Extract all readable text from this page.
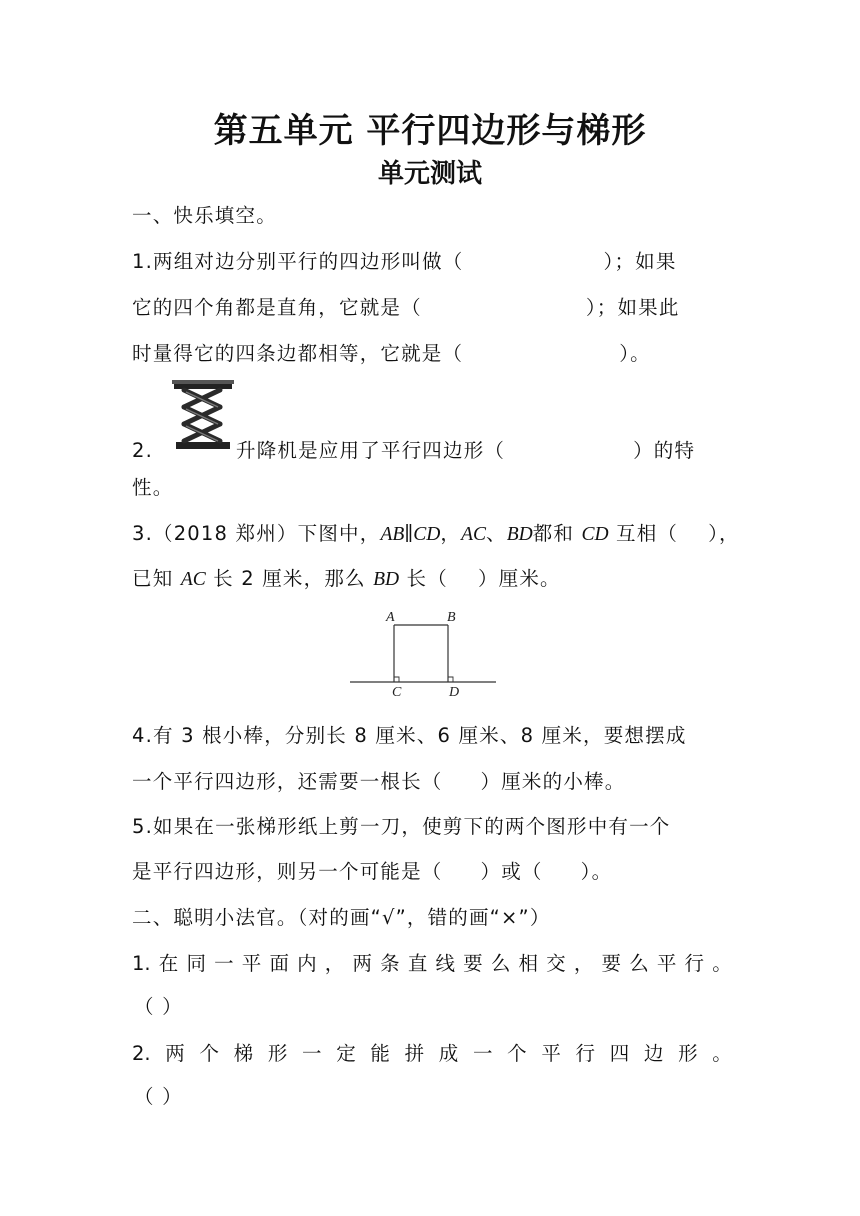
第五单元 平行四边形与梯形
单元测试
一、快乐填空。
1.两组对边分别平行的四边形叫做（	）；如果
它的四个角都是直角，它就是（	）；如果此
时量得它的四条边都相等，它就是（	）。
2.	升降机是应用了平行四边形（	）的特
性。
3.（2018 郑州）下图中，AB∥CD，AC、BD都和 CD 互相（ ），
已知 AC 长 2 厘米，那么 BD 长（ ）厘米。
A	B
C	D
4.有 3 根小棒，分别长 8 厘米、6 厘米、8 厘米，要想摆成
一个平行四边形，还需要一根长（ ）厘米的小棒。
5.如果在一张梯形纸上剪一刀，使剪下的两个图形中有一个
是平行四边形，则另一个可能是（ ）或（ ）。
二、聪明小法官。（对的画“√”，错的画“×”）
1. 在 同 一 平 面 内 ， 两 条 直 线 要 么 相 交 ， 要 么 平 行 。
（ ）
2. 两 个 梯 形 一 定 能 拼 成 一 个 平 行 四 边 形 。
（ ）
